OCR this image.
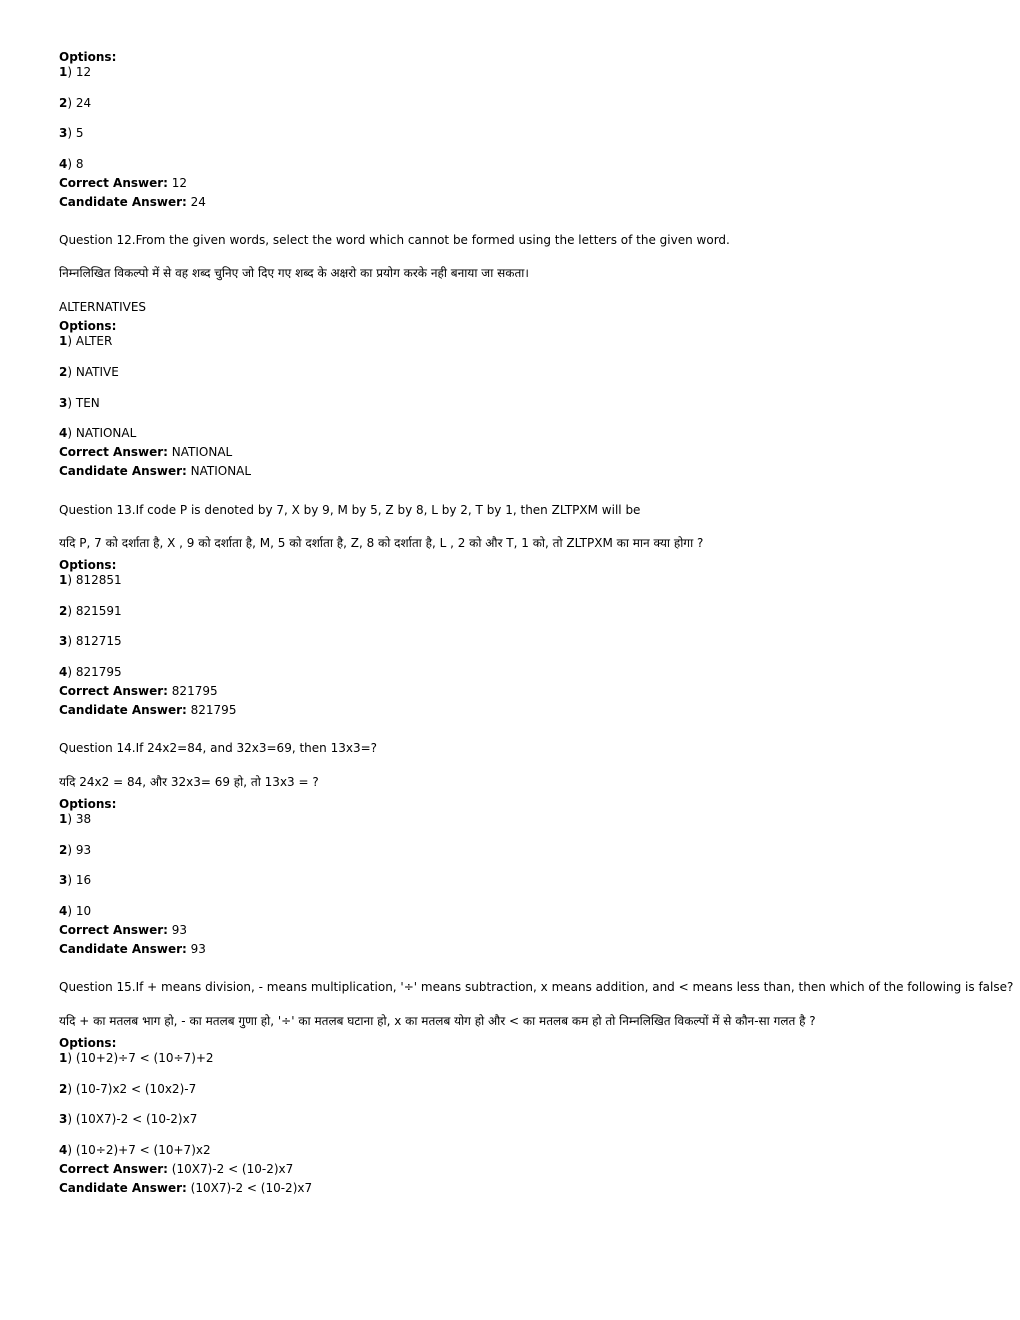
Options:
1) 12
2) 24
3) 5
4) 8
Correct Answer: 12
Candidate Answer: 24
Question 12.From the given words, select the word which cannot be formed using the letters of the given word.
निम्नलिखित विकल्पो में से वह शब्द चुनिए जो दिए गए शब्द के अक्षरो का प्रयोग करके नही बनाया जा सकता।
ALTERNATIVES
Options:
1) ALTER
2) NATIVE
3) TEN
4) NATIONAL
Correct Answer: NATIONAL
Candidate Answer: NATIONAL
Question 13.If code P is denoted by 7, X by 9, M by 5, Z by 8, L by 2, T by 1, then ZLTPXM will be
यदि P, 7 को दर्शाता है, X , 9 को दर्शाता है, M, 5 को दर्शाता है, Z, 8 को दर्शाता है, L , 2 को और T, 1 को, तो ZLTPXM का मान क्या होगा ?
Options:
1) 812851
2) 821591
3) 812715
4) 821795
Correct Answer: 821795
Candidate Answer: 821795
Question 14.If 24x2=84, and 32x3=69, then 13x3=?
यदि 24x2 = 84, और 32x3= 69 हो, तो 13x3 = ?
Options:
1) 38
2) 93
3) 16
4) 10
Correct Answer: 93
Candidate Answer: 93
Question 15.If + means division, - means multiplication, '÷' means subtraction, x means addition, and < means less than, then which of the following is false?
यदि + का मतलब भाग हो, - का मतलब गुणा हो, '÷' का मतलब घटाना हो, x का मतलब योग हो और < का मतलब कम हो तो निम्नलिखित विकल्पों में से कौन-सा गलत है ?
Options:
1) (10+2)÷7 < (10÷7)+2
2) (10-7)x2 < (10x2)-7
3) (10X7)-2 < (10-2)x7
4) (10÷2)+7 < (10+7)x2
Correct Answer: (10X7)-2 < (10-2)x7
Candidate Answer: (10X7)-2 < (10-2)x7
